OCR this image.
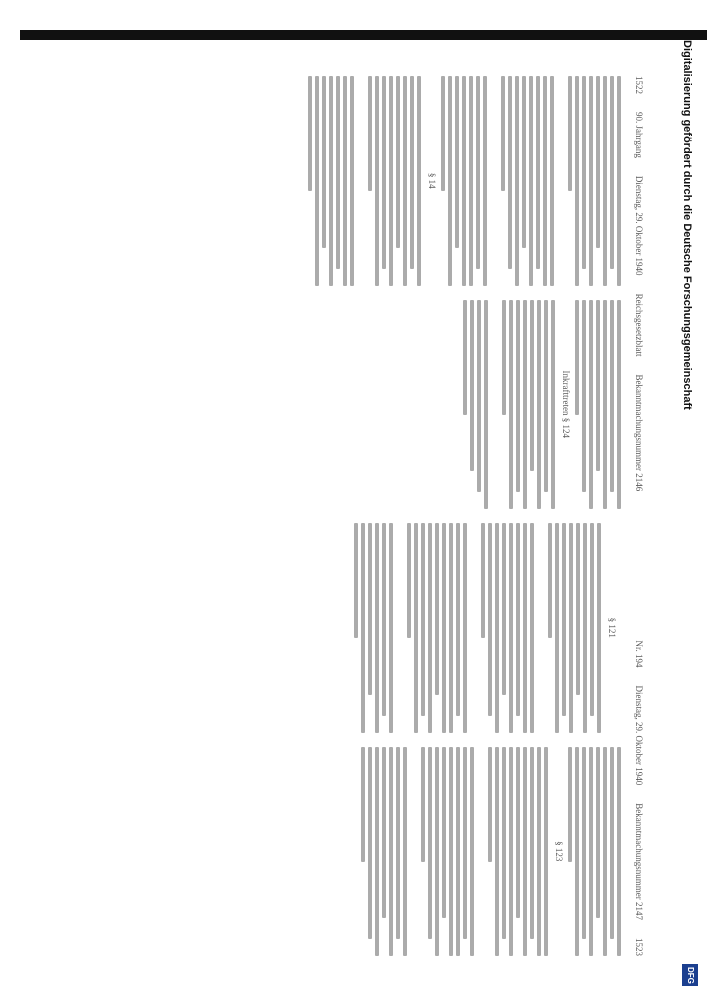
1522
90. Jahrgang
Dienstag, 29. Oktober 1940
Reichsgesetzblatt
Bekanntmachungsnummer 2146
Nr. 194
Dienstag, 29. Oktober 1940
Bekanntmachungsnummer 2147
1523
§ 14
Inkrafttreten § 124
§ 121
§ 123
Digitalisierung gefördert durch die Deutsche Forschungsgemeinschaft
DFG
